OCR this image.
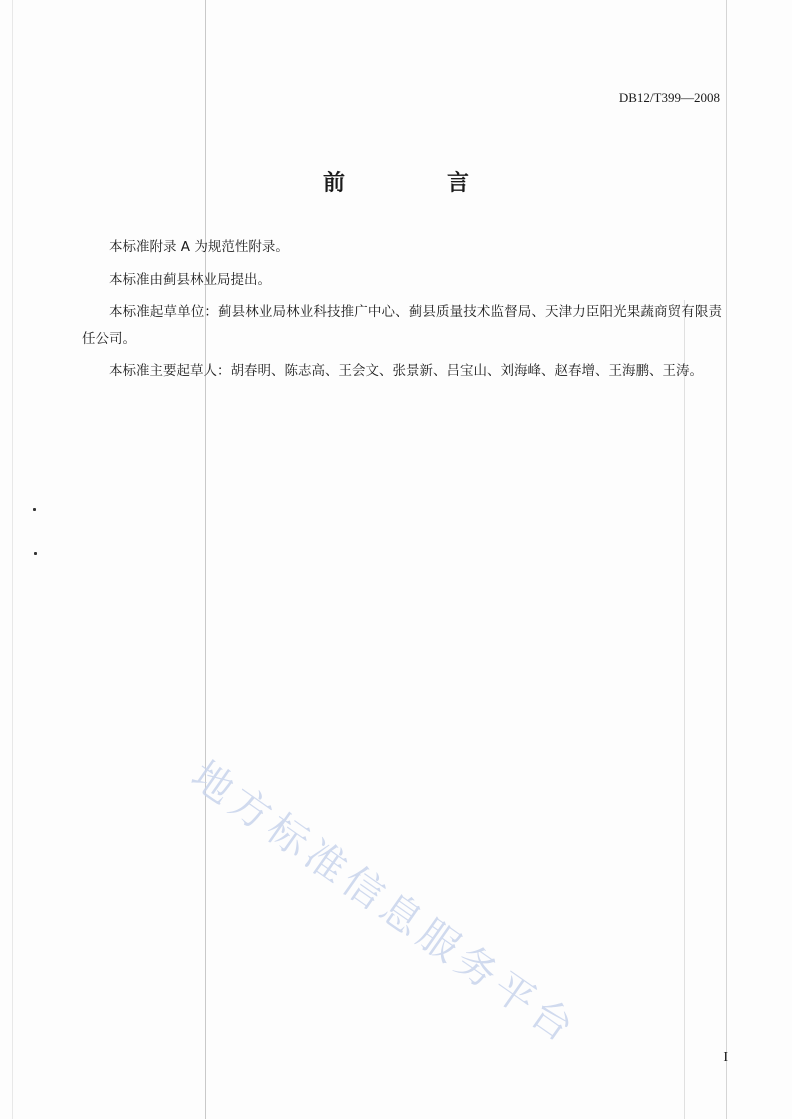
DB12/T399—2008
前　言

本标准附录 A 为规范性附录。

本标准由蓟县林业局提出。

本标准起草单位：蓟县林业局林业科技推广中心、蓟县质量技术监督局、天津力臣阳光果蔬商贸有限责任公司。

本标准主要起草人：胡春明、陈志高、王会文、张景新、吕宝山、刘海峰、赵春增、王海鹏、王涛。

地方标准信息服务平台
I
